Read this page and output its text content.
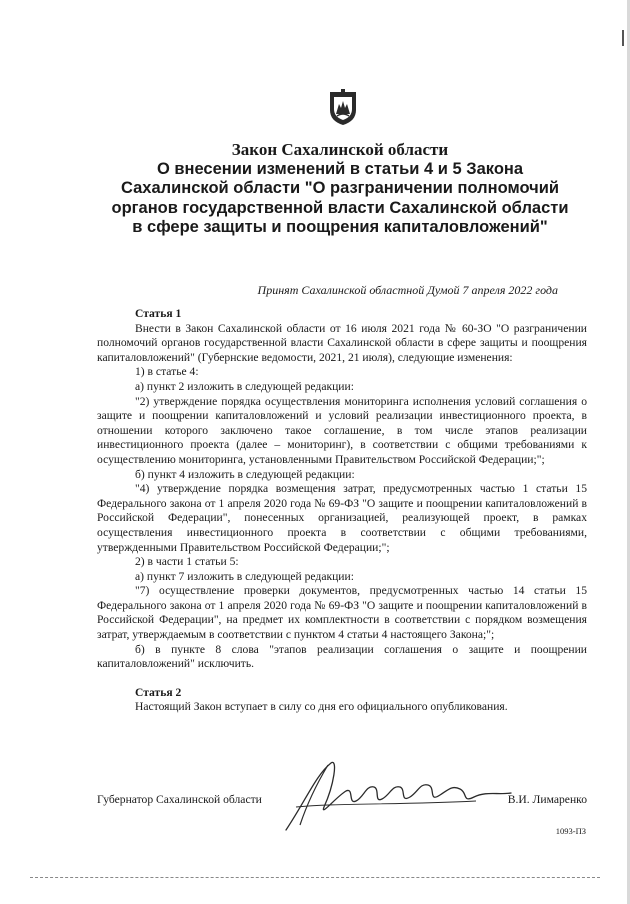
Закон Сахалинской области
О внесении изменений в статьи 4 и 5 Закона Сахалинской области "О разграничении полномочий органов государственной власти Сахалинской области в сфере защиты и поощрения капиталовложений"
Принят Сахалинской областной Думой 7 апреля 2022 года

Статья 1

Внести в Закон Сахалинской области от 16 июля 2021 года № 60-ЗО "О разграничении полномочий органов государственной власти Сахалинской области в сфере защиты и поощрения капиталовложений" (Губернские ведомости, 2021, 21 июля), следующие изменения:

1) в статье 4:

а) пункт 2 изложить в следующей редакции:

"2) утверждение порядка осуществления мониторинга исполнения условий соглашения о защите и поощрении капиталовложений и условий реализации инвестиционного проекта, в отношении которого заключено такое соглашение, в том числе этапов реализации инвестиционного проекта (далее – мониторинг), в соответствии с общими требованиями к осуществлению мониторинга, установленными Правительством Российской Федерации;";

б) пункт 4 изложить в следующей редакции:

"4) утверждение порядка возмещения затрат, предусмотренных частью 1 статьи 15 Федерального закона от 1 апреля 2020 года № 69-ФЗ "О защите и поощрении капиталовложений в Российской Федерации", понесенных организацией, реализующей проект, в рамках осуществления инвестиционного проекта в соответствии с общими требованиями, утвержденными Правительством Российской Федерации;";

2) в части 1 статьи 5:

а) пункт 7 изложить в следующей редакции:

"7) осуществление проверки документов, предусмотренных частью 14 статьи 15 Федерального закона от 1 апреля 2020 года № 69-ФЗ "О защите и поощрении капиталовложений в Российской Федерации", на предмет их комплектности в соответствии с порядком возмещения затрат, утверждаемым в соответствии с пунктом 4 статьи 4 настоящего Закона;";

б) в пункте 8 слова "этапов реализации соглашения о защите и поощрении капиталовложений" исключить.

Статья 2

Настоящий Закон вступает в силу со дня его официального опубликования.

Губернатор Сахалинской области	В.И. Лимаренко
1093-ПЗ
